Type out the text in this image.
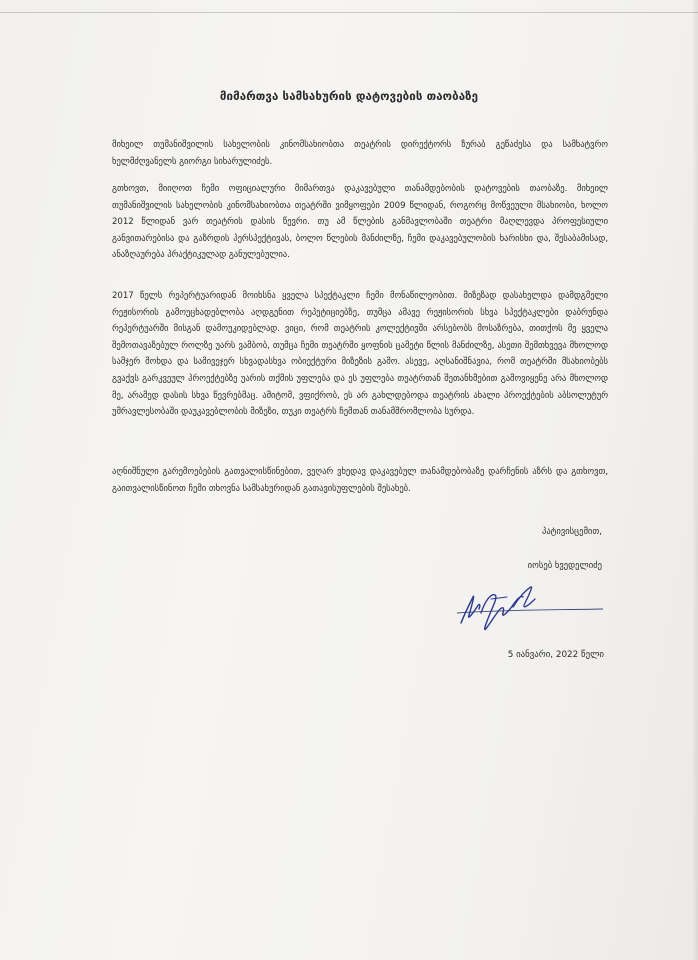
მიმართვა სამსახურის დატოვების თაობაზე
მიხეილ თუმანიშვილის სახელობის კინომსახიობთა თეატრის დირექტორს ზურაბ გეწაძესა და სამხატვრო ხელმძღვანელს გიორგი სიხარულიძეს.
გთხოვთ, მიიღოთ ჩემი ოფიციალური მიმართვა დაკავებული თანამდებობის დატოვების თაობაზე. მიხეილ თუმანიშვილის სახელობის კინომსახიობთა თეატრში ვიმყოფები 2009 წლიდან, როგორც მოწვეული მსახიობი, ხოლო 2012 წლიდან ვარ თეატრის დასის წევრი. თუ ამ წლების განმავლობაში თეატრი მაღლევდა პროფესიული განვითარებისა და გაზრდის პერსპექტივას, ბოლო წლების მანძილზე, ჩემი დაკავებულობის ხარისხი და, შესაბამისად, ანაზღაურება პრაქტიკულად განულებულია.
2017 წელს რეპერტუარიდან მოიხსნა ყველა სპექტაკლი ჩემი მონაწილეობით. მიზეზად დასახელდა დამდგმელი რეჟისორის გამოუცხადებლობა აღდგენით რეპეტიციებზე, თუმცა ამავე რეჟისორის სხვა სპექტაკლები დაბრუნდა რეპერტუარში მისგან დამოუკიდებლად. ვიცი, რომ თეატრის კოლექტივში არსებობს მოსაზრება, თითქოს მე ყველა შემოთავაზებულ როლზე უარს ვამბობ, თუმცა ჩემი თეატრში ყოფნის ცამეტი წლის მანძილზე, ასეთი შემთხვევა მხოლოდ სამჯერ მოხდა და სამივეჯერ სხვადასხვა ობიექტური მიზეზის გამო. ასევე, აღსანიშნავია, რომ თეატრში მსახიობებს გვაქვს გარკვეულ პროექტებზე უარის თქმის უფლება და ეს უფლება თეატრთან შეთანხმებით გამოვიყენე არა მხოლოდ მე, არამედ დასის სხვა წევრებმაც. ამიტომ, ვფიქრობ, ეს არ გახლდებოდა თეატრის ახალი პროექტების აბსოლუტურ უმრავლესობაში დაუკავებლობის მიზეზი, თუკი თეატრს ჩემთან თანამშრომლობა სურდა.
აღნიშნული გარემოებების გათვალისწინებით, ვეღარ ვხედავ დაკავებულ თანამდებობაზე დარჩენის აზრს და გთხოვთ, გაითვალისწინოთ ჩემი თხოვნა სამსახურიდან გათავისუფლების შესახებ.
პატივისცემით,
იოსებ ხვედელიძე
5 იანვარი, 2022 წელი
